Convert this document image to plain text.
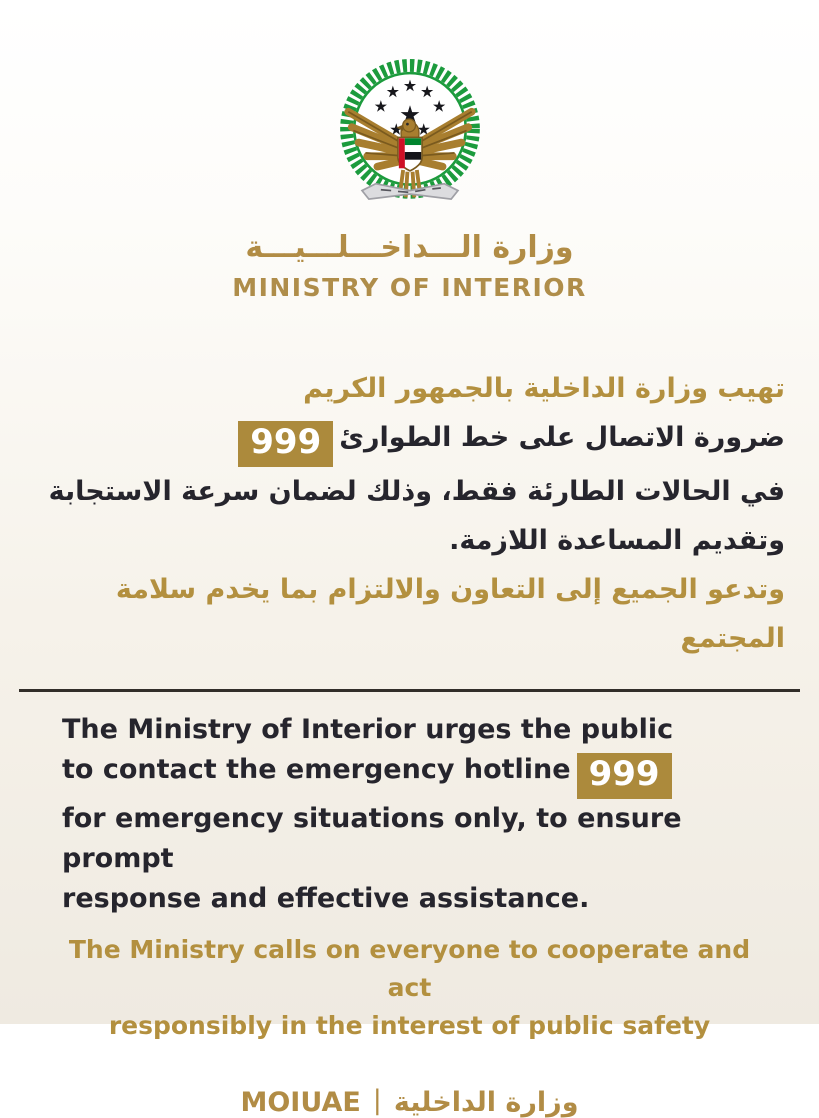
وزارة الـــداخـــلـــيـــة
MINISTRY OF INTERIOR
تهيب وزارة الداخلية بالجمهور الكريم
ضرورة الاتصال على خط الطوارئ999
في الحالات الطارئة فقط، وذلك لضمان سرعة الاستجابة
وتقديم المساعدة اللازمة.
وتدعو الجميع إلى التعاون والالتزام بما يخدم سلامة المجتمع
The Ministry of Interior urges the public
to contact the emergency hotline 999
for emergency situations only, to ensure prompt
response and effective assistance.
The Ministry calls on everyone to cooperate and act
responsibly in the interest of public safety
MOIUAE | وزارة الداخلية
